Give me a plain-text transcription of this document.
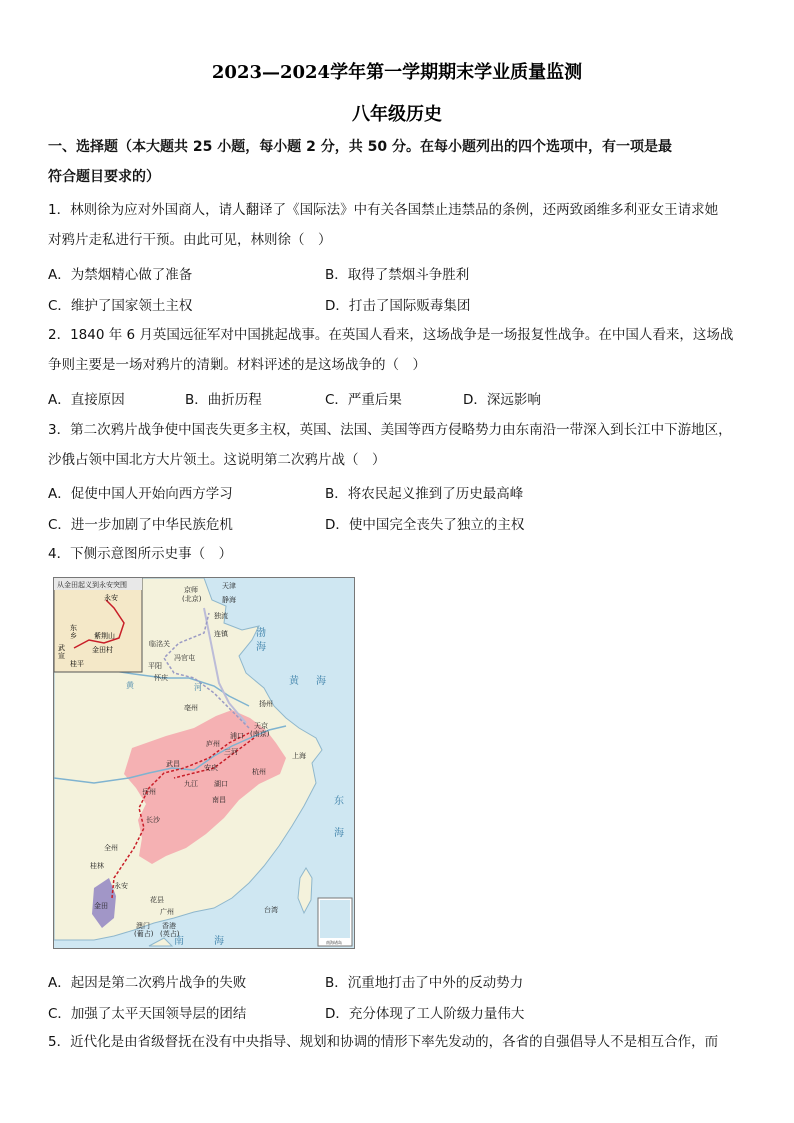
2023—2024学年第一学期期末学业质量监测
八年级历史
一、选择题（本大题共 25 小题，每小题 2 分，共 50 分。在每小题列出的四个选项中，有一项是最
符合题目要求的）
1．林则徐为应对外国商人，请人翻译了《国际法》中有关各国禁止违禁品的条例，还两致函维多利亚女王请求她
对鸦片走私进行干预。由此可见，林则徐（　）
A．为禁烟精心做了准备	B．取得了禁烟斗争胜利
C．维护了国家领土主权	D．打击了国际贩毒集团
2．1840 年 6 月英国远征军对中国挑起战事。在英国人看来，这场战争是一场报复性战争。在中国人看来，这场战
争则主要是一场对鸦片的清剿。材料评述的是这场战争的（　）
A．直接原因	B．曲折历程	C．严重后果	D．深远影响
3．第二次鸦片战争使中国丧失更多主权，英国、法国、美国等西方侵略势力由东南沿一带深入到长江中下游地区，
沙俄占领中国北方大片领土。这说明第二次鸦片战（　）
A．促使中国人开始向西方学习	B．将农民起义推到了历史最高峰
C．进一步加剧了中华民族危机	D．使中国完全丧失了独立的主权
4．下侧示意图所示史事（　）
从金田起义到永安突围
永安
东
乡 紫荆山
金田村
武
宣
桂平
渤
海
黄 海
东
海
南	海
京师
(北京)
天津
静海
独流
连镇
临洺关
冯官屯
平阳
怀庆
亳州	扬州
庐州
浦口
天京
(南京)
三河	上海
武昌	安庆	杭州
九江 湖口
南昌
岳州
长沙
全州
桂林
永安
金田
花县
广州
澳门
(葡占)
香港
(英占)
台湾
黄	河
南海诸岛
A．起因是第二次鸦片战争的失败	B．沉重地打击了中外的反动势力
C．加强了太平天国领导层的团结	D．充分体现了工人阶级力量伟大
5．近代化是由省级督抚在没有中央指导、规划和协调的情形下率先发动的，各省的自强倡导人不是相互合作，而
